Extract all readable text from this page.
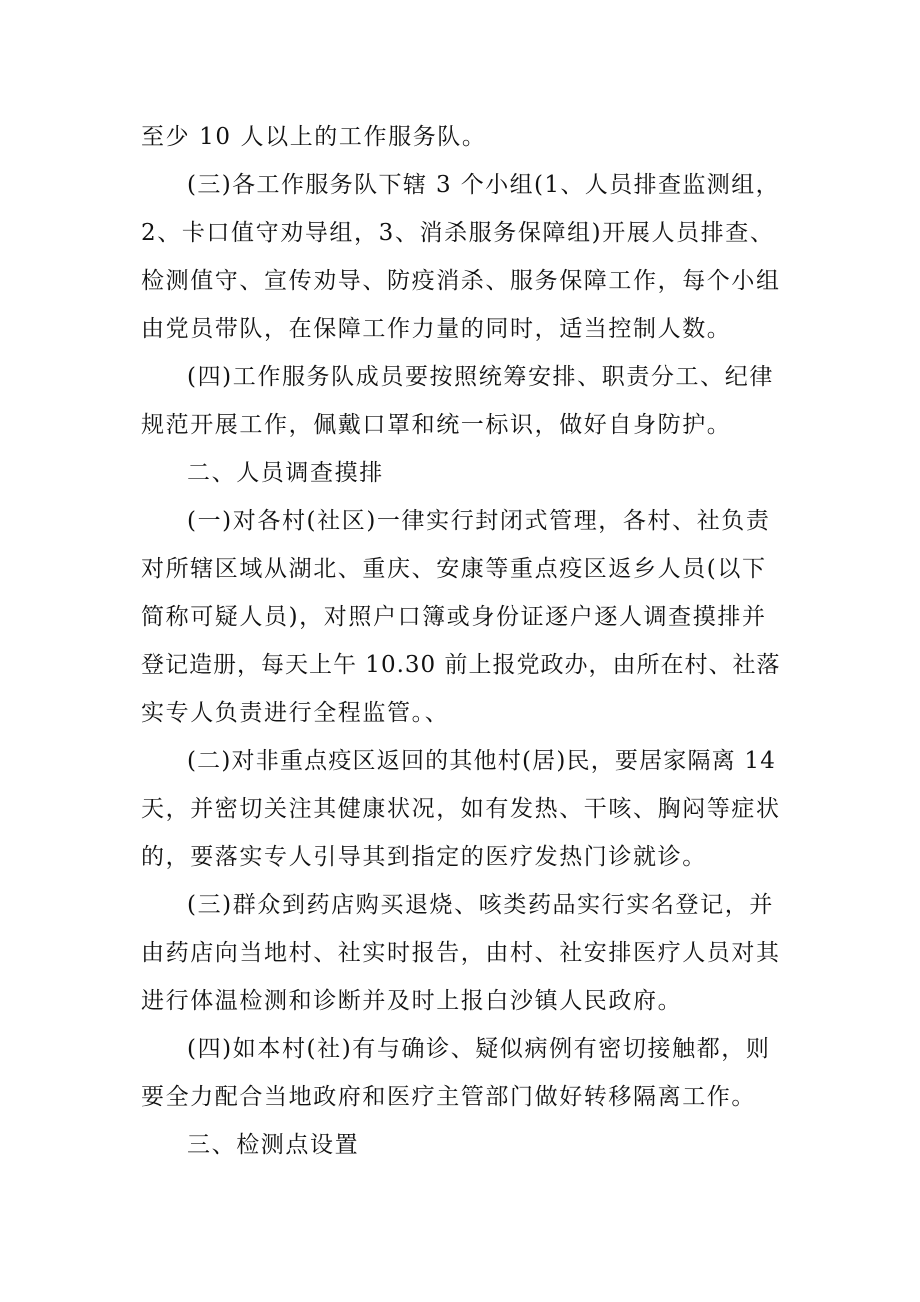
至少 10 人以上的工作服务队。

(三)各工作服务队下辖 3 个小组(1、人员排查监测组，
2、卡口值守劝导组，3、消杀服务保障组)开展人员排查、
检测值守、宣传劝导、防疫消杀、服务保障工作，每个小组
由党员带队，在保障工作力量的同时，适当控制人数。

(四)工作服务队成员要按照统筹安排、职责分工、纪律
规范开展工作，佩戴口罩和统一标识，做好自身防护。

二、人员调查摸排

(一)对各村(社区)一律实行封闭式管理，各村、社负责
对所辖区域从湖北、重庆、安康等重点疫区返乡人员(以下
简称可疑人员)，对照户口簿或身份证逐户逐人调查摸排并
登记造册，每天上午 10.30 前上报党政办，由所在村、社落
实专人负责进行全程监管。、

(二)对非重点疫区返回的其他村(居)民，要居家隔离 14
天，并密切关注其健康状况，如有发热、干咳、胸闷等症状
的，要落实专人引导其到指定的医疗发热门诊就诊。

(三)群众到药店购买退烧、咳类药品实行实名登记，并
由药店向当地村、社实时报告，由村、社安排医疗人员对其
进行体温检测和诊断并及时上报白沙镇人民政府。

(四)如本村(社)有与确诊、疑似病例有密切接触都，则
要全力配合当地政府和医疗主管部门做好转移隔离工作。

三、检测点设置
